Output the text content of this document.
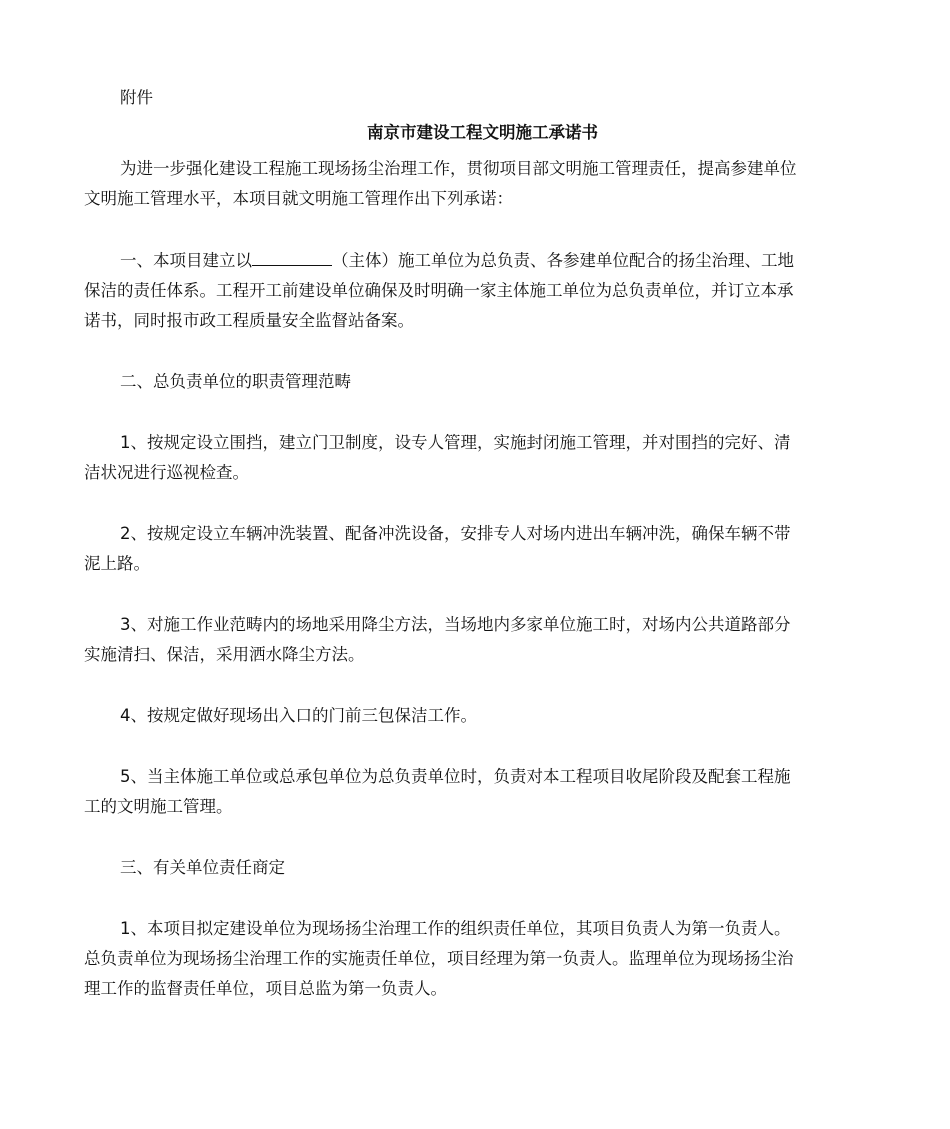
附件

南京市建设工程文明施工承诺书

为进一步强化建设工程施工现场扬尘治理工作，贯彻项目部文明施工管理责任，提高参建单位

文明施工管理水平，本项目就文明施工管理作出下列承诺：

一、本项目建立以	（主体）施工单位为总负责、各参建单位配合的扬尘治理、工地

保洁的责任体系。工程开工前建设单位确保及时明确一家主体施工单位为总负责单位，并订立本承

诺书，同时报市政工程质量安全监督站备案。

二、总负责单位的职责管理范畴

1、按规定设立围挡，建立门卫制度，设专人管理，实施封闭施工管理，并对围挡的完好、清

洁状况进行巡视检查。

2、按规定设立车辆冲洗装置、配备冲洗设备，安排专人对场内进出车辆冲洗，确保车辆不带

泥上路。

3、对施工作业范畴内的场地采用降尘方法，当场地内多家单位施工时，对场内公共道路部分

实施清扫、保洁，采用洒水降尘方法。

4、按规定做好现场出入口的门前三包保洁工作。

5、当主体施工单位或总承包单位为总负责单位时，负责对本工程项目收尾阶段及配套工程施

工的文明施工管理。

三、有关单位责任商定

1、本项目拟定建设单位为现场扬尘治理工作的组织责任单位，其项目负责人为第一负责人。

总负责单位为现场扬尘治理工作的实施责任单位，项目经理为第一负责人。监理单位为现场扬尘治

理工作的监督责任单位，项目总监为第一负责人。
